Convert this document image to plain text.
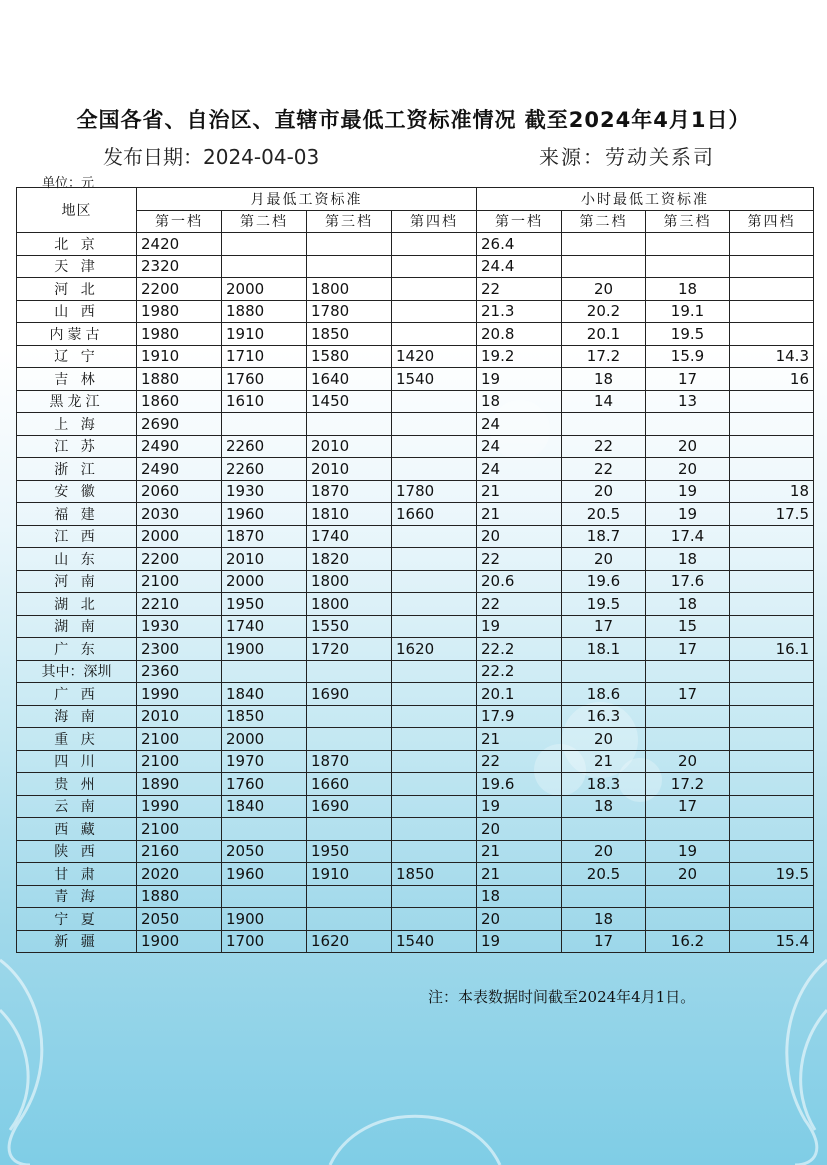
全国各省、自治区、直辖市最低工资标准情况 截至2024年4月1日）
发布日期：2024-04-03	来源：劳动关系司
单位：元
地区	月最低工资标准				小时最低工资标准			
	第一档	第二档	第三档	第四档	第一档	第二档	第三档	第四档
北 京	2420				26.4			
天 津	2320				24.4			
河 北	2200	2000	1800		22	20	18	
山 西	1980	1880	1780		21.3	20.2	19.1	
内蒙古	1980	1910	1850		20.8	20.1	19.5	
辽 宁	1910	1710	1580	1420	19.2	17.2	15.9	14.3
吉 林	1880	1760	1640	1540	19	18	17	16
黑龙江	1860	1610	1450		18	14	13	
上 海	2690				24			
江 苏	2490	2260	2010		24	22	20	
浙 江	2490	2260	2010		24	22	20	
安 徽	2060	1930	1870	1780	21	20	19	18
福 建	2030	1960	1810	1660	21	20.5	19	17.5
江 西	2000	1870	1740		20	18.7	17.4	
山 东	2200	2010	1820		22	20	18	
河 南	2100	2000	1800		20.6	19.6	17.6	
湖 北	2210	1950	1800		22	19.5	18	
湖 南	1930	1740	1550		19	17	15	
广 东	2300	1900	1720	1620	22.2	18.1	17	16.1
其中：深圳	2360				22.2			
广 西	1990	1840	1690		20.1	18.6	17	
海 南	2010	1850			17.9	16.3		
重 庆	2100	2000			21	20		
四 川	2100	1970	1870		22	21	20	
贵 州	1890	1760	1660		19.6	18.3	17.2	
云 南	1990	1840	1690		19	18	17	
西 藏	2100				20			
陕 西	2160	2050	1950		21	20	19	
甘 肃	2020	1960	1910	1850	21	20.5	20	19.5
青 海	1880				18			
宁 夏	2050	1900			20	18		
新 疆	1900	1700	1620	1540	19	17	16.2	15.4
注：本表数据时间截至2024年4月1日。
